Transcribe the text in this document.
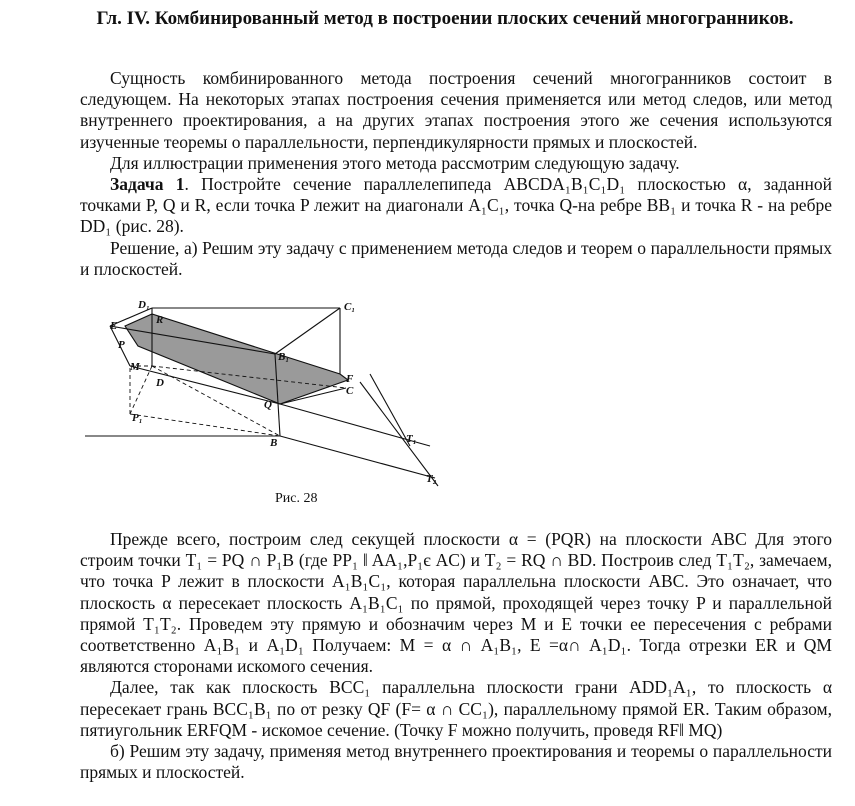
Гл. IV. Комбинированный метод в построении плоских сечений многогранников.

Сущность комбинированного метода построения сечений многогранников состоит в следующем. На некоторых этапах построения сечения применяется или метод следов, или метод внутреннего проектирования, а на других этапах построения этого же сечения используются изученные теоремы о параллельности, перпендикулярности прямых и плоскостей.

Для иллюстрации применения этого метода рассмотрим следующую задачу.

Задача 1. Постройте сечение параллелепипеда ABCDA₁B₁C₁D₁ плоскостью α, заданной точками P, Q и R, если точка P лежит на диагонали A₁C₁, точка Q-на ребре BB₁ и точка R - на ребре DD₁ (рис. 28).

Решение, а) Решим эту задачу с применением метода следов и теорем о параллельности прямых и плоскостей.

D₁	C₁
E	R
P
B₁
M
D	F
C
Q
P₁
B	T₁
T₂
Рис. 28

Прежде всего, построим след секущей плоскости α = (PQR) на плоскости ABC Для этого строим точки T₁ = PQ ∩ P₁B (где PP₁ ‖ AA₁,P₁є AC) и T₂ = RQ ∩ BD. Построив след T₁T₂, замечаем, что точка P лежит в плоскости A₁B₁C₁, которая параллельна плоскости ABC. Это означает, что плоскость α пересекает плоскость A₁B₁C₁ по прямой, проходящей через точку P и параллельной прямой T₁T₂. Проведем эту прямую и обозначим через M и E точки ее пересечения с ребрами соответственно A₁B₁ и A₁D₁ Получаем: M = α ∩ A₁B₁, E =α∩ A₁D₁. Тогда отрезки ER и QM являются сторонами искомого сечения.

Далее, так как плоскость BCC₁ параллельна плоскости грани ADD₁A₁, то плоскость α пересекает грань BCC₁B₁ по от резку QF (F= α ∩ CC₁), параллельному прямой ER. Таким образом, пятиугольник ERFQM - искомое сечение. (Точку F можно получить, проведя RF‖ MQ)

б) Решим эту задачу, применяя метод внутреннего проектирования и теоремы о параллельности прямых и плоскостей.
